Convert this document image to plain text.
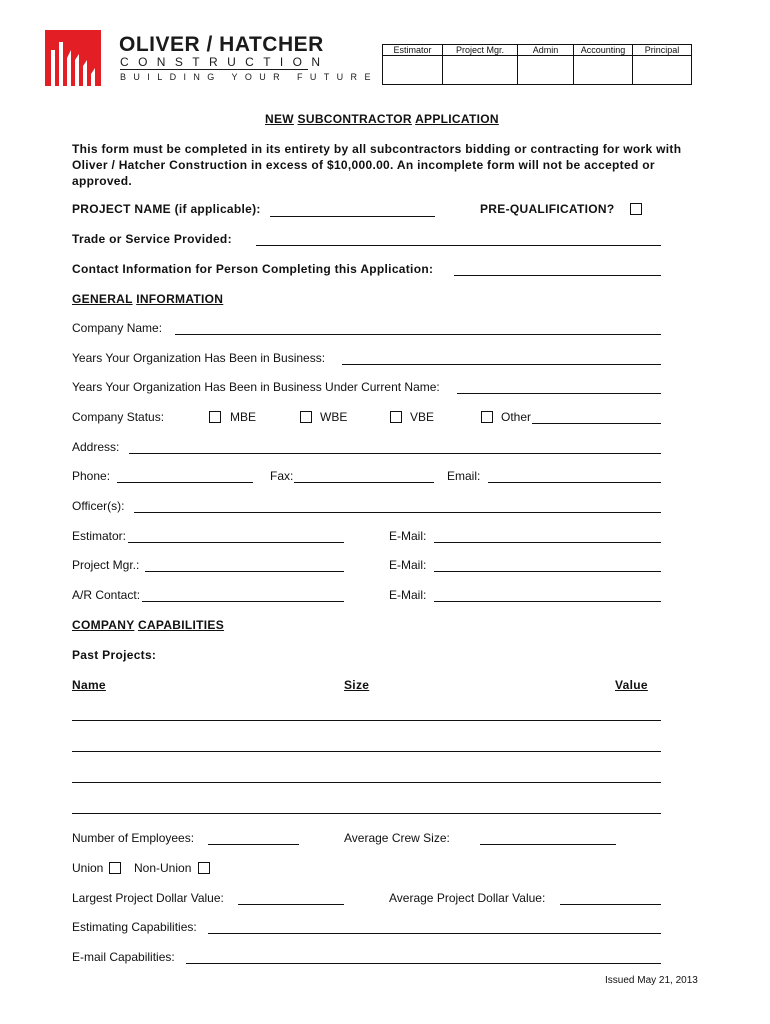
OLIVER / HATCHER
CONSTRUCTION
BUILDING YOUR FUTURE
Estimator	Project Mgr.	Admin	Accounting	Principal

NEW SUBCONTRACTOR APPLICATION
This form must be completed in its entirety by all subcontractors bidding or contracting for work with Oliver / Hatcher Construction in excess of $10,000.00. An incomplete form will not be accepted or approved.
PROJECT NAME (if applicable):	PRE-QUALIFICATION?
Trade or Service Provided:
Contact Information for Person Completing this Application:
GENERAL INFORMATION
Company Name:
Years Your Organization Has Been in Business:
Years Your Organization Has Been in Business Under Current Name:
Company Status:	MBE	WBE	VBE	Other
Address:
Phone:	Fax:	Email:
Officer(s):
Estimator:	E-Mail:
Project Mgr.:	E-Mail:
A/R Contact:	E-Mail:
COMPANY CAPABILITIES
Past Projects:
Name	Size	Value
Number of Employees:	Average Crew Size:
Union	Non-Union
Largest Project Dollar Value:	Average Project Dollar Value:
Estimating Capabilities:
E-mail Capabilities:
Issued May 21, 2013
